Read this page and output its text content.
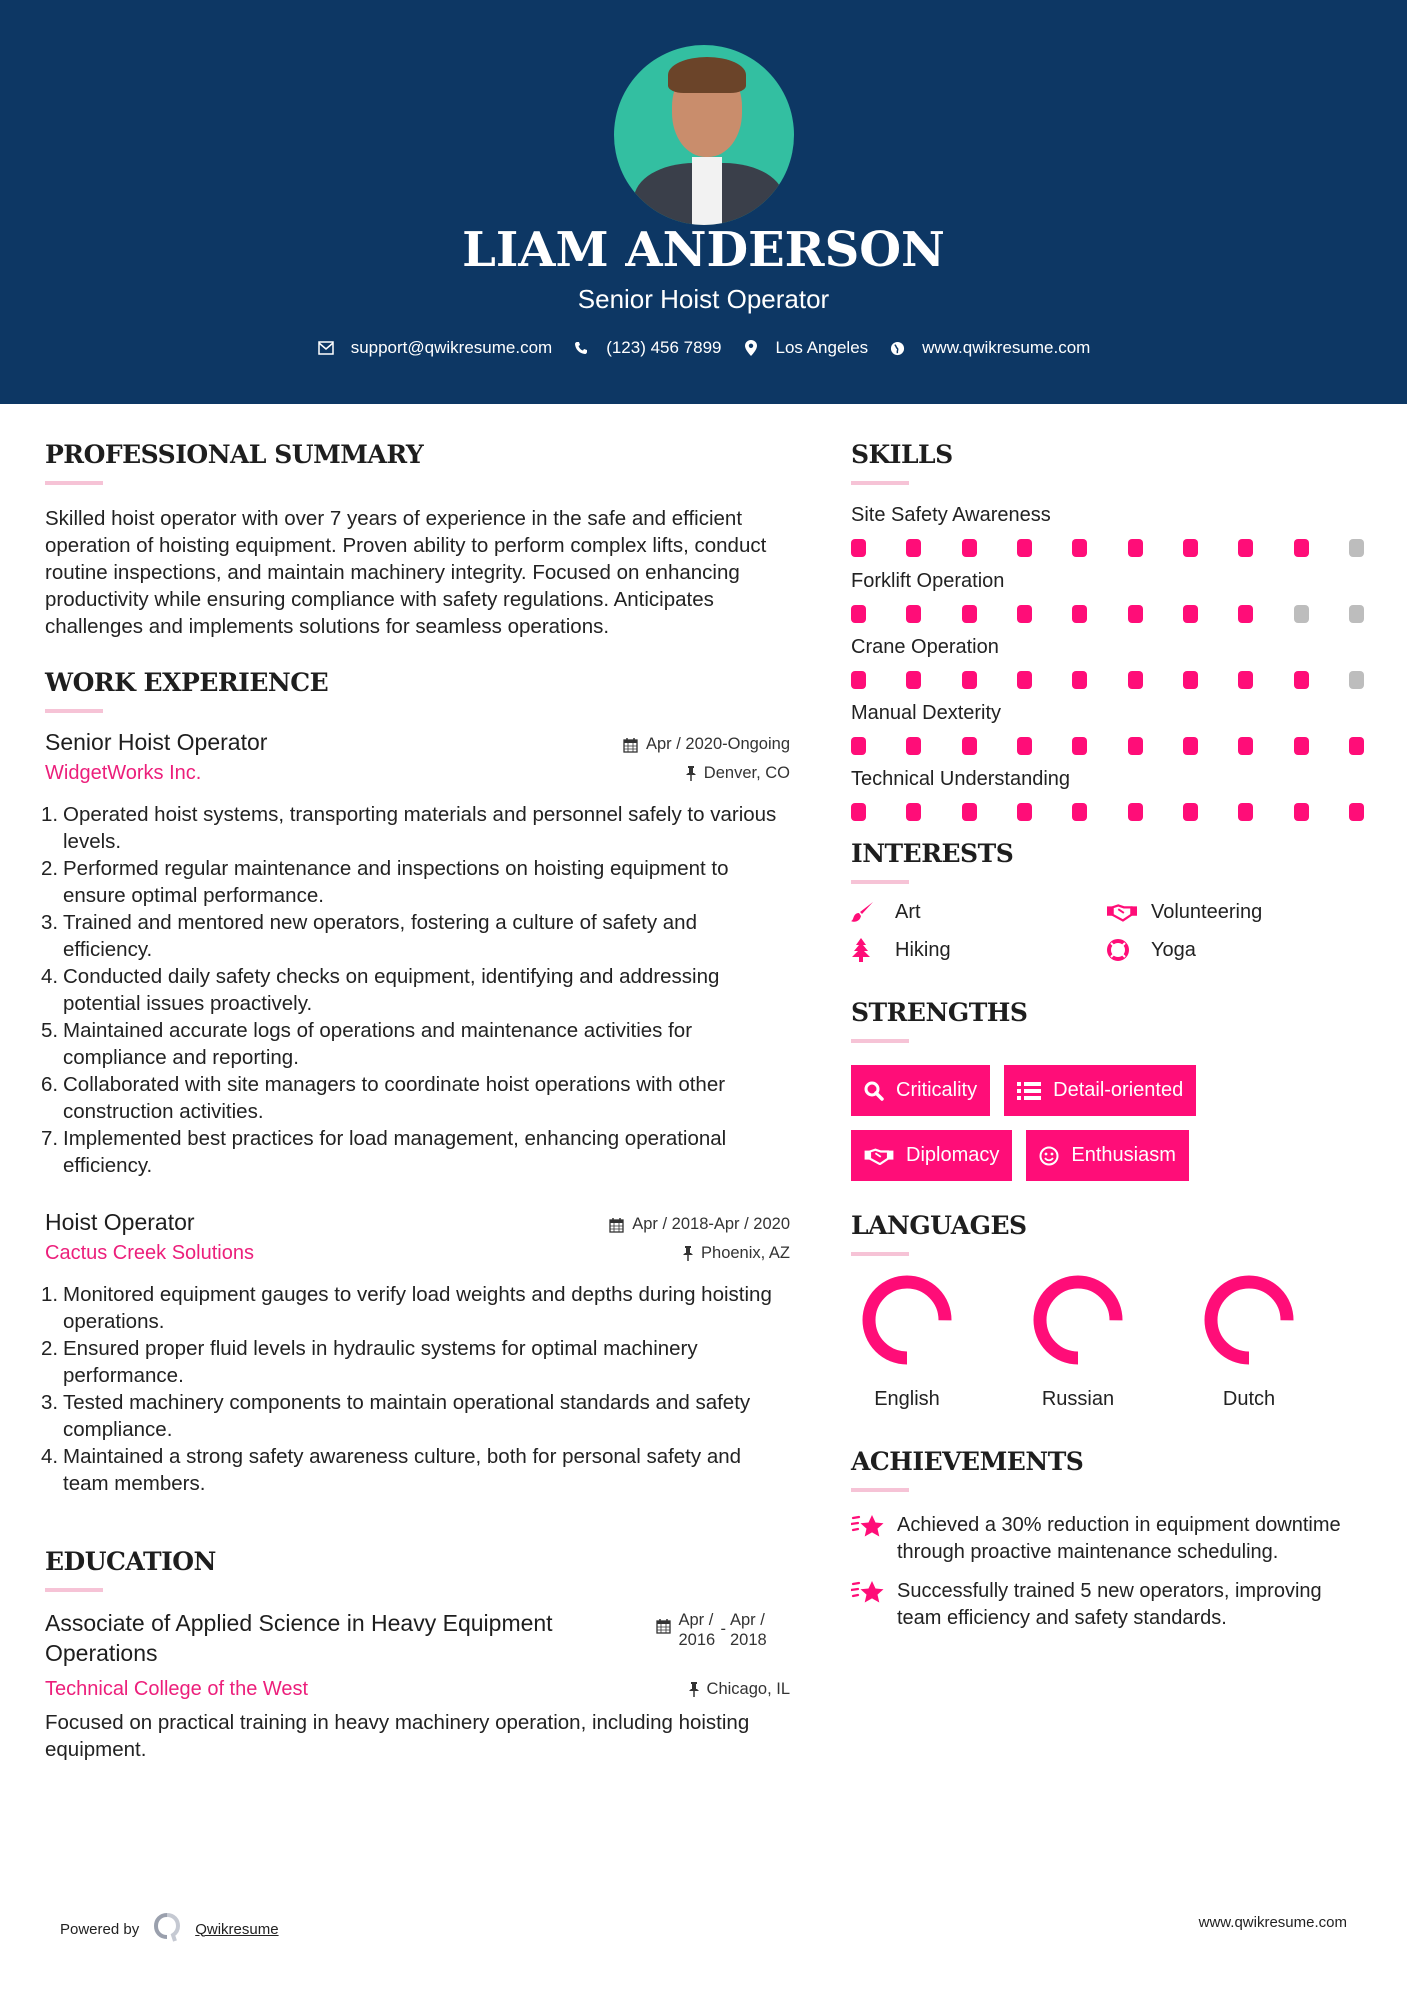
LIAM ANDERSON
Senior Hoist Operator
support@qwikresume.com	(123) 456 7899	Los Angeles	www.qwikresume.com
PROFESSIONAL SUMMARY

Skilled hoist operator with over 7 years of experience in the safe and efficient operation of hoisting equipment. Proven ability to perform complex lifts, conduct routine inspections, and maintain machinery integrity. Focused on enhancing productivity while ensuring compliance with safety regulations. Anticipates challenges and implements solutions for seamless operations.

WORK EXPERIENCE
Senior Hoist Operator	Apr / 2020-Ongoing
WidgetWorks Inc.	Denver, CO
1. Operated hoist systems, transporting materials and personnel safely to various levels.
2. Performed regular maintenance and inspections on hoisting equipment to ensure optimal performance.
3. Trained and mentored new operators, fostering a culture of safety and efficiency.
4. Conducted daily safety checks on equipment, identifying and addressing potential issues proactively.
5. Maintained accurate logs of operations and maintenance activities for compliance and reporting.
6. Collaborated with site managers to coordinate hoist operations with other construction activities.
7. Implemented best practices for load management, enhancing operational efficiency.
Hoist Operator	Apr / 2018-Apr / 2020
Cactus Creek Solutions	Phoenix, AZ
1. Monitored equipment gauges to verify load weights and depths during hoisting operations.
2. Ensured proper fluid levels in hydraulic systems for optimal machinery performance.
3. Tested machinery components to maintain operational standards and safety compliance.
4. Maintained a strong safety awareness culture, both for personal safety and team members.
EDUCATION
Associate of Applied Science in Heavy Equipment Operations
Apr / 2016
- Apr / 2018
Technical College of the West	Chicago, IL

Focused on practical training in heavy machinery operation, including hoisting equipment.

SKILLS
Site Safety Awareness
Forklift Operation
Crane Operation
Manual Dexterity
Technical Understanding
INTERESTS
Art	Volunteering
Hiking	Yoga
STRENGTHS
Criticality	Detail-oriented
Diplomacy	Enthusiasm
LANGUAGES
English	Russian	Dutch
ACHIEVEMENTS
Achieved a 30% reduction in equipment downtime through proactive maintenance scheduling.
Successfully trained 5 new operators, improving team efficiency and safety standards.
Powered by	Qwikresume	www.qwikresume.com
